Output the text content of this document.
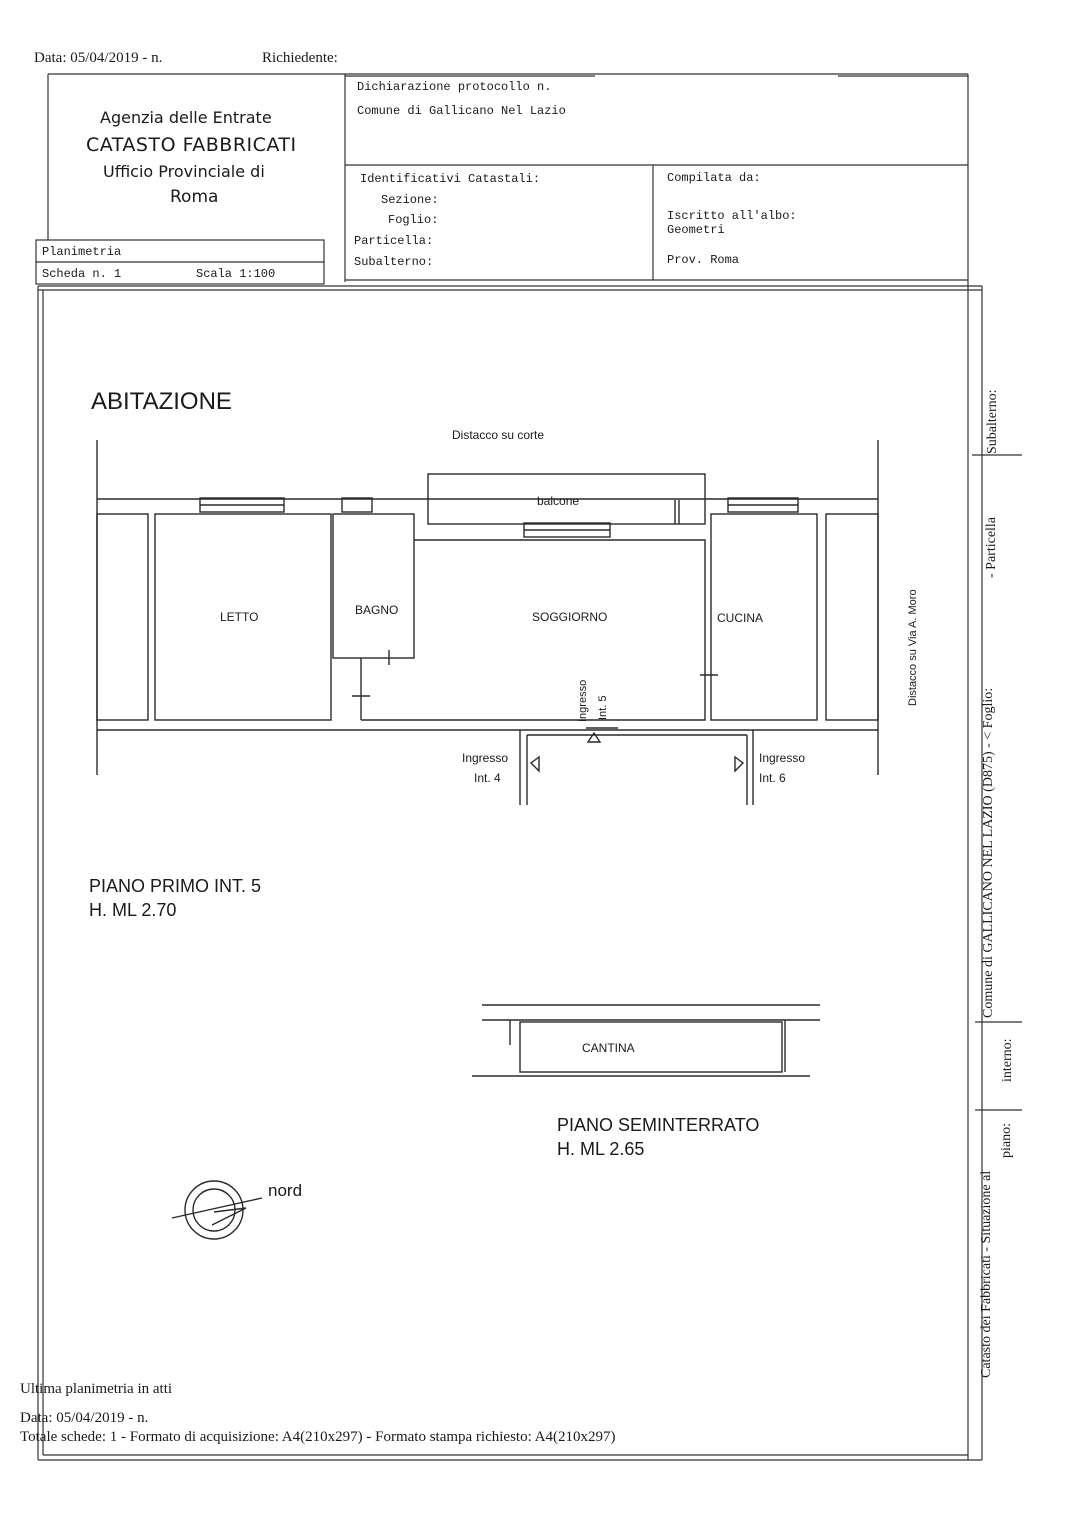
Data: 05/04/2019 - n.	Richiedente:
Agenzia delle Entrate
CATASTO FABBRICATI
Ufficio Provinciale di
Roma
Dichiarazione protocollo n.
Comune di Gallicano Nel Lazio
Identificativi Catastali:
Sezione:
Foglio:
Particella:
Subalterno:
Compilata da:
Iscritto all'albo:
Geometri
Prov. Roma
Planimetria
Scheda n. 1	Scala 1:100
ABITAZIONE
Distacco su corte
balcone
LETTO	BAGNO	SOGGIORNO	CUCINA
Ingresso Int. 5
Ingresso
Int. 4
Ingresso
Int. 6
Distacco su Via A. Moro
PIANO PRIMO INT. 5
H. ML 2.70
CANTINA
PIANO SEMINTERRATO
H. ML 2.65
nord
Subalterno:
- Particella
Comune di GALLICANO NEL LAZIO (D875) - < Foglio:
interno:
Catasto dei Fabbricati - Situazione al
piano:
Ultima planimetria in atti
Data: 05/04/2019 - n.
Totale schede: 1 - Formato di acquisizione: A4(210x297) - Formato stampa richiesto: A4(210x297)
